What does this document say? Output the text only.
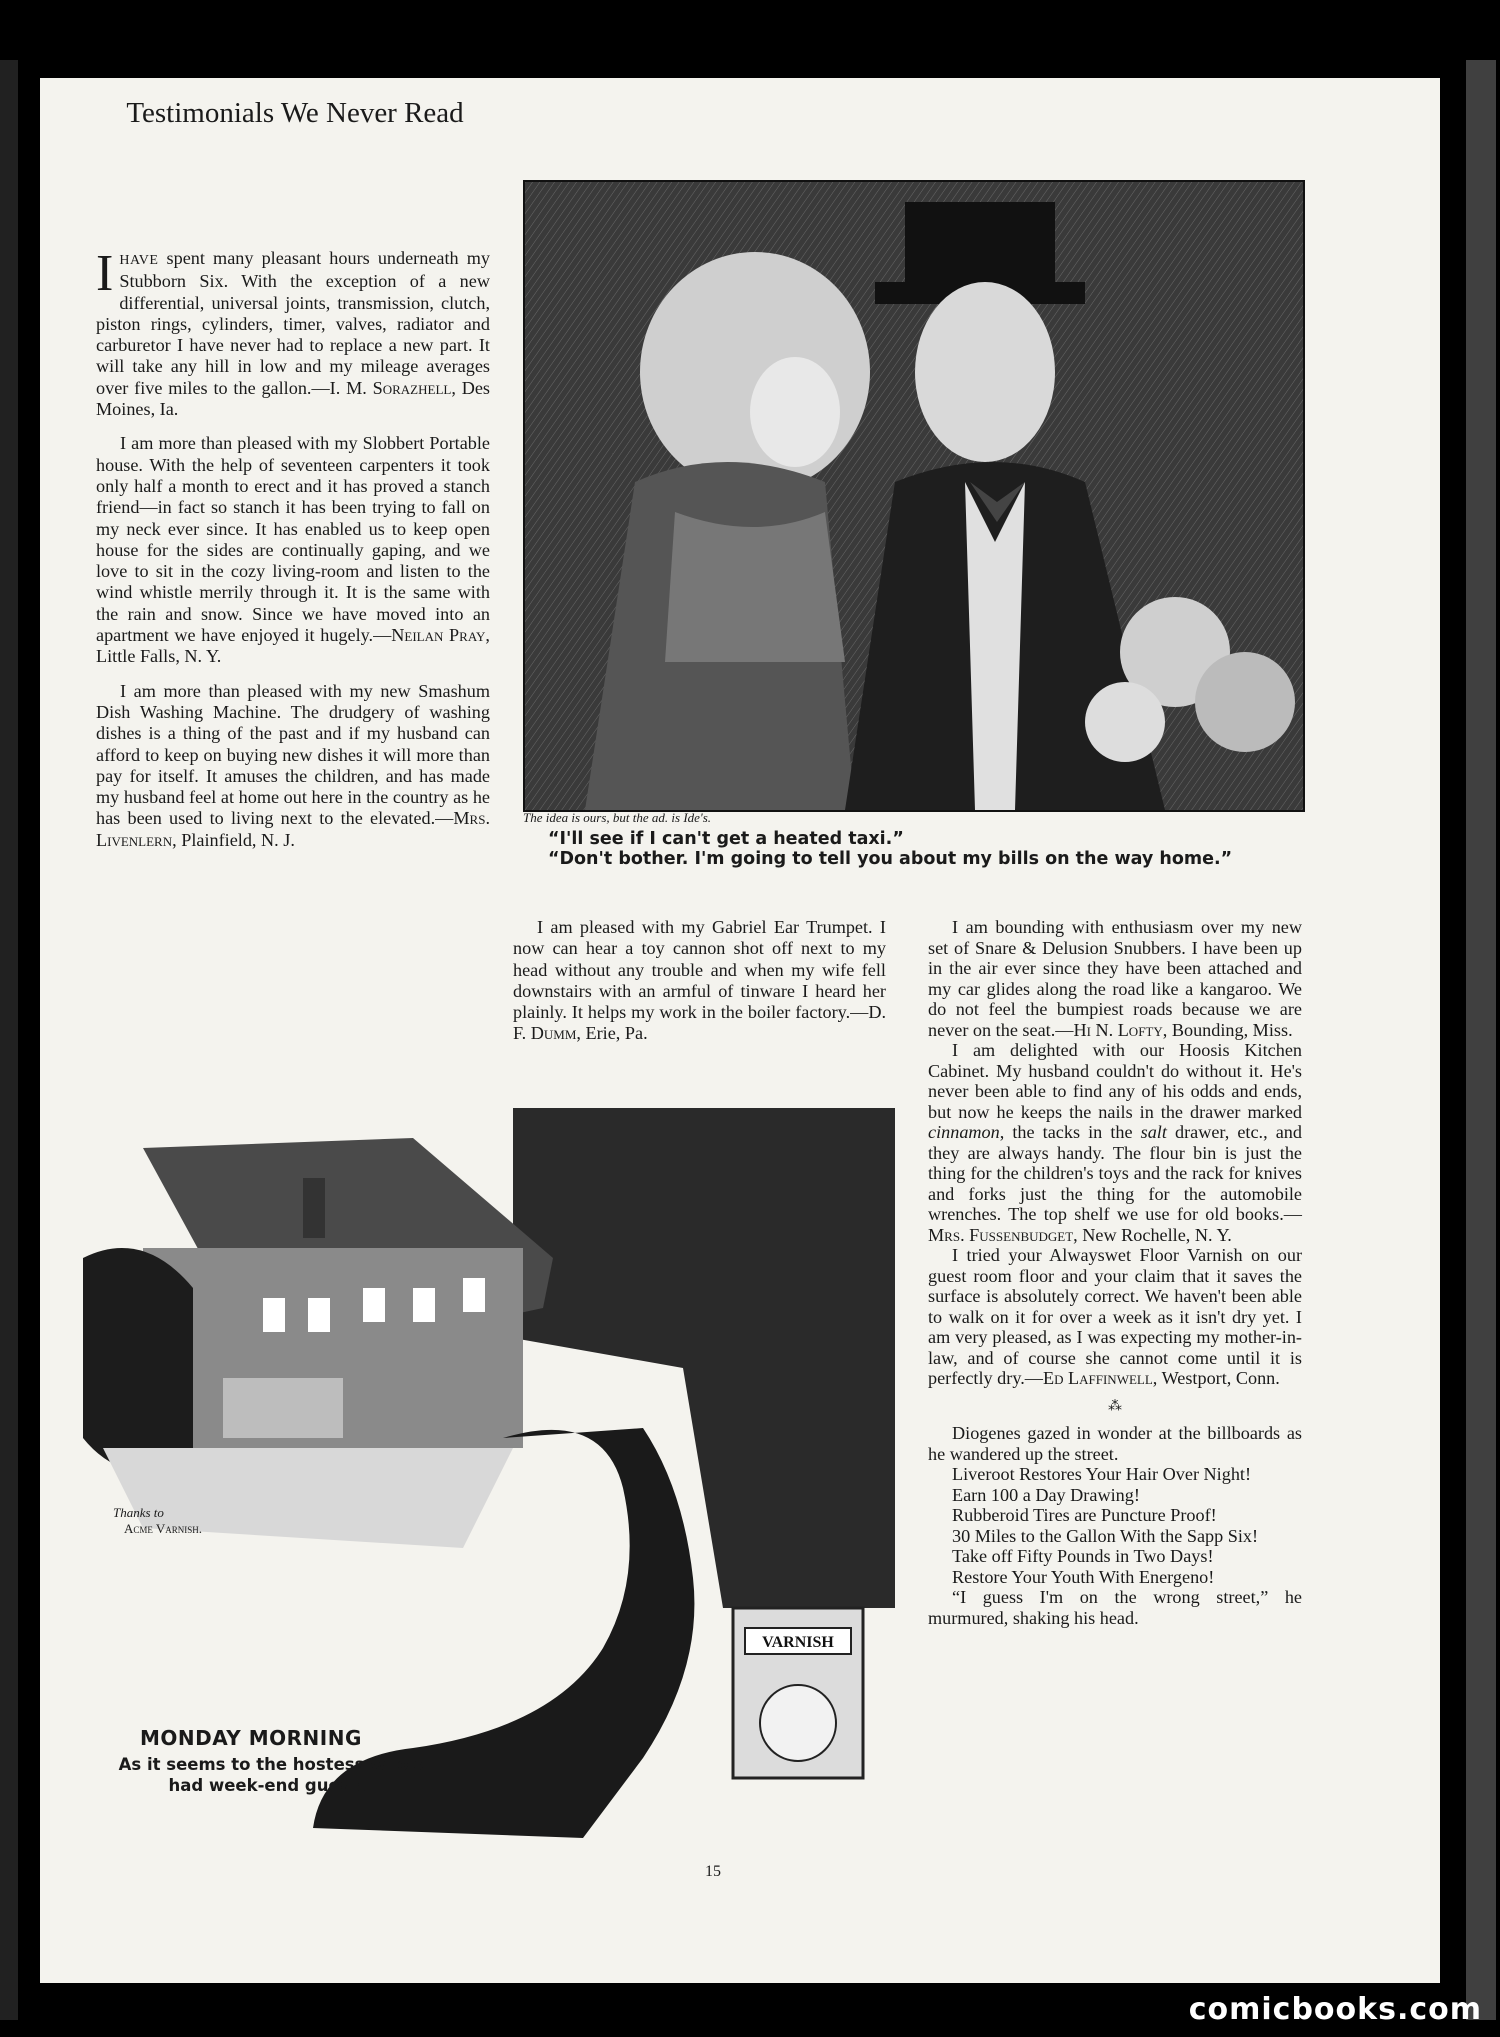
Testimonials We Never Read

IHAVE spent many pleasant hours underneath my Stubborn Six. With the exception of a new differential, universal joints, transmission, clutch, piston rings, cylinders, timer, valves, radiator and carburetor I have never had to replace a new part. It will take any hill in low and my mileage averages over five miles to the gallon.—I. M. Sorazhell, Des Moines, Ia.

I am more than pleased with my Slobbert Portable house. With the help of seventeen carpenters it took only half a month to erect and it has proved a stanch friend—in fact so stanch it has been trying to fall on my neck ever since. It has enabled us to keep open house for the sides are continually gaping, and we love to sit in the cozy living-room and listen to the wind whistle merrily through it. It is the same with the rain and snow. Since we have moved into an apartment we have enjoyed it hugely.—Neilan Pray, Little Falls, N. Y.

I am more than pleased with my new Smashum Dish Washing Machine. The drudgery of washing dishes is a thing of the past and if my husband can afford to keep on buying new dishes it will more than pay for itself. It amuses the children, and has made my husband feel at home out here in the country as he has been used to living next to the elevated.—Mrs. Livenlern, Plainfield, N. J.

The idea is ours, but the ad. is Ide's.
“I'll see if I can't get a heated taxi.”
“Don't bother. I'm going to tell you about my bills on the way home.”

I am pleased with my Gabriel Ear Trumpet. I now can hear a toy cannon shot off next to my head without any trouble and when my wife fell downstairs with an armful of tinware I heard her plainly. It helps my work in the boiler factory.—D. F. Dumm, Erie, Pa.

I am bounding with enthusiasm over my new set of Snare & Delusion Snubbers. I have been up in the air ever since they have been attached and my car glides along the road like a kangaroo. We do not feel the bumpiest roads because we are never on the seat.—Hi N. Lofty, Bounding, Miss.

I am delighted with our Hoosis Kitchen Cabinet. My husband couldn't do without it. He's never been able to find any of his odds and ends, but now he keeps the nails in the drawer marked cinnamon, the tacks in the salt drawer, etc., and they are always handy. The flour bin is just the thing for the children's toys and the rack for knives and forks just the thing for the automobile wrenches. The top shelf we use for old books.—Mrs. Fussenbudget, New Rochelle, N. Y.

I tried your Alwayswet Floor Varnish on our guest room floor and your claim that it saves the surface is absolutely correct. We haven't been able to walk on it for over a week as it isn't dry yet. I am very pleased, as I was expecting my mother-in-law, and of course she cannot come until it is perfectly dry.—Ed Laffinwell, Westport, Conn.

⁂

Diogenes gazed in wonder at the billboards as he wandered up the street.

Liveroot Restores Your Hair Over Night!

Earn 100 a Day Drawing!

Rubberoid Tires are Puncture Proof!

30 Miles to the Gallon With the Sapp Six!

Take off Fifty Pounds in Two Days!

Restore Your Youth With Energeno!

“I guess I'm on the wrong street,” he murmured, shaking his head.

VARNISH
Thanks to
Acme Varnish.
MONDAY MORNING
As it seems to the hostess who's had week-end guests.
15
comicbooks.com
